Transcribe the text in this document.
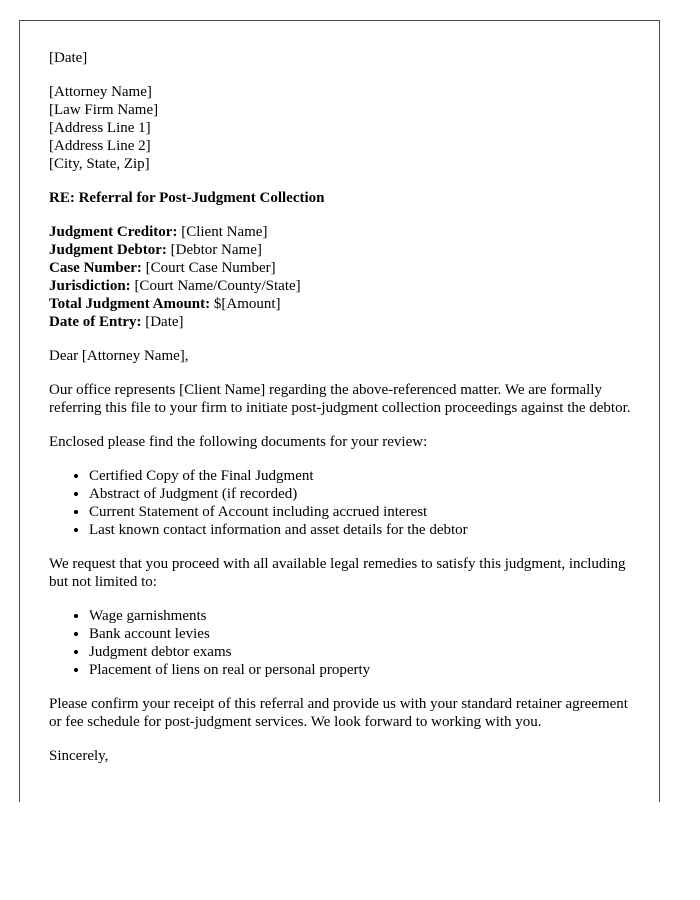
[Date]

[Attorney Name]
[Law Firm Name]
[Address Line 1]
[Address Line 2]
[City, State, Zip]

RE: Referral for Post-Judgment Collection

Judgment Creditor: [Client Name]
Judgment Debtor: [Debtor Name]
Case Number: [Court Case Number]
Jurisdiction: [Court Name/County/State]
Total Judgment Amount: $[Amount]
Date of Entry: [Date]

Dear [Attorney Name],

Our office represents [Client Name] regarding the above-referenced matter. We are formally referring this file to your firm to initiate post-judgment collection proceedings against the debtor.

Enclosed please find the following documents for your review:

• Certified Copy of the Final Judgment
• Abstract of Judgment (if recorded)
• Current Statement of Account including accrued interest
• Last known contact information and asset details for the debtor

We request that you proceed with all available legal remedies to satisfy this judgment, including but not limited to:

• Wage garnishments
• Bank account levies
• Judgment debtor exams
• Placement of liens on real or personal property

Please confirm your receipt of this referral and provide us with your standard retainer agreement or fee schedule for post-judgment services. We look forward to working with you.

Sincerely,
